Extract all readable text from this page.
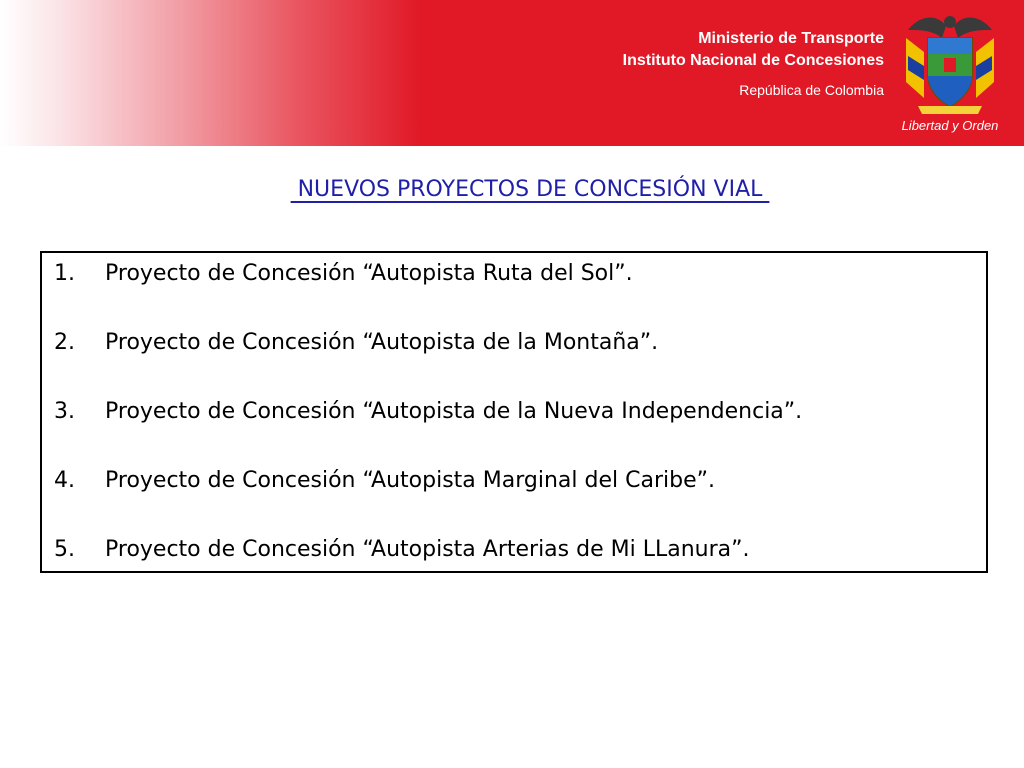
Ministerio de Transporte
Instituto Nacional de Concesiones
República de Colombia
Libertad y Orden
NUEVOS PROYECTOS DE CONCESIÓN VIAL
1. Proyecto de Concesión “Autopista Ruta del Sol”.
2. Proyecto de Concesión “Autopista de la Montaña”.
3. Proyecto de Concesión “Autopista de la Nueva Independencia”.
4. Proyecto de Concesión “Autopista Marginal del Caribe”.
5. Proyecto de Concesión “Autopista Arterias de Mi LLanura”.
